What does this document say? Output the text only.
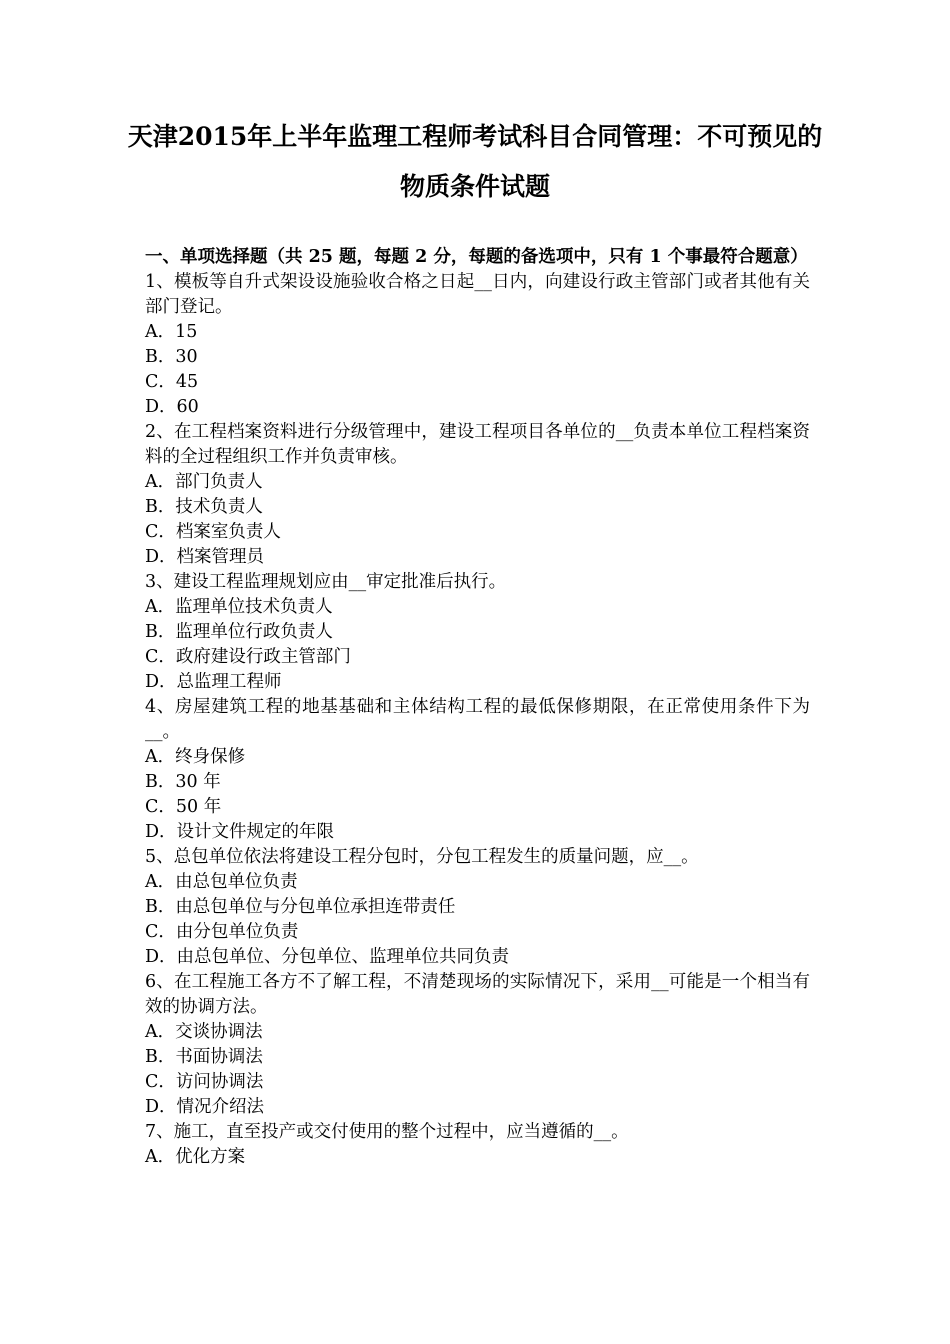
天津2015年上半年监理工程师考试科目合同管理：不可预见的物质条件试题
一、单项选择题（共 25 题，每题 2 分，每题的备选项中，只有 1 个事最符合题意）
1、模板等自升式架设设施验收合格之日起__日内，向建设行政主管部门或者其他有关部门登记。
A．15
B．30
C．45
D．60
2、在工程档案资料进行分级管理中，建设工程项目各单位的__负责本单位工程档案资料的全过程组织工作并负责审核。
A．部门负责人
B．技术负责人
C．档案室负责人
D．档案管理员
3、建设工程监理规划应由__审定批准后执行。
A．监理单位技术负责人
B．监理单位行政负责人
C．政府建设行政主管部门
D．总监理工程师
4、房屋建筑工程的地基基础和主体结构工程的最低保修期限，在正常使用条件下为__。
A．终身保修
B．30 年
C．50 年
D．设计文件规定的年限
5、总包单位依法将建设工程分包时，分包工程发生的质量问题，应__。
A．由总包单位负责
B．由总包单位与分包单位承担连带责任
C．由分包单位负责
D．由总包单位、分包单位、监理单位共同负责
6、在工程施工各方不了解工程，不清楚现场的实际情况下，采用__可能是一个相当有效的协调方法。
A．交谈协调法
B．书面协调法
C．访问协调法
D．情况介绍法
7、施工，直至投产或交付使用的整个过程中，应当遵循的__。
A．优化方案
